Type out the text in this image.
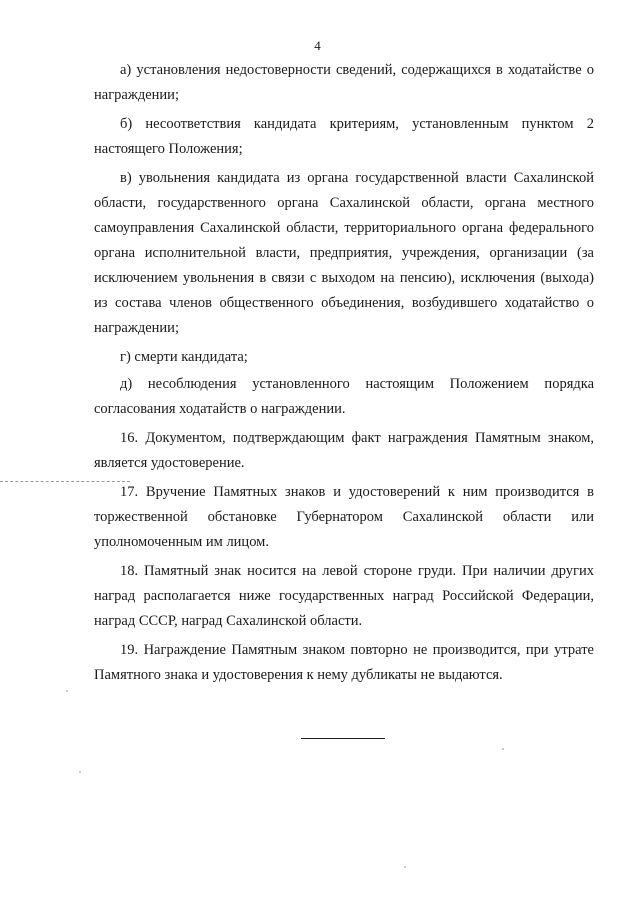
4

а) установления недостоверности сведений, содержащихся в ходатайстве о награждении;

б) несоответствия кандидата критериям, установленным пунктом 2 настоящего Положения;

в) увольнения кандидата из органа государственной власти Сахалинской области, государственного органа Сахалинской области, органа местного самоуправления Сахалинской области, территориального органа федерального органа исполнительной власти, предприятия, учреждения, организации (за исключением увольнения в связи с выходом на пенсию), исключения (выхода) из состава членов общественного объединения, возбудившего ходатайство о награждении;

г) смерти кандидата;

д) несоблюдения установленного настоящим Положением порядка согласования ходатайств о награждении.

16. Документом, подтверждающим факт награждения Памятным знаком, является удостоверение.

17. Вручение Памятных знаков и удостоверений к ним производится в торжественной обстановке Губернатором Сахалинской области или уполномоченным им лицом.

18. Памятный знак носится на левой стороне груди. При наличии других наград располагается ниже государственных наград Российской Федерации, наград СССР, наград Сахалинской области.

19. Награждение Памятным знаком повторно не производится, при утрате Памятного знака и удостоверения к нему дубликаты не выдаются.
